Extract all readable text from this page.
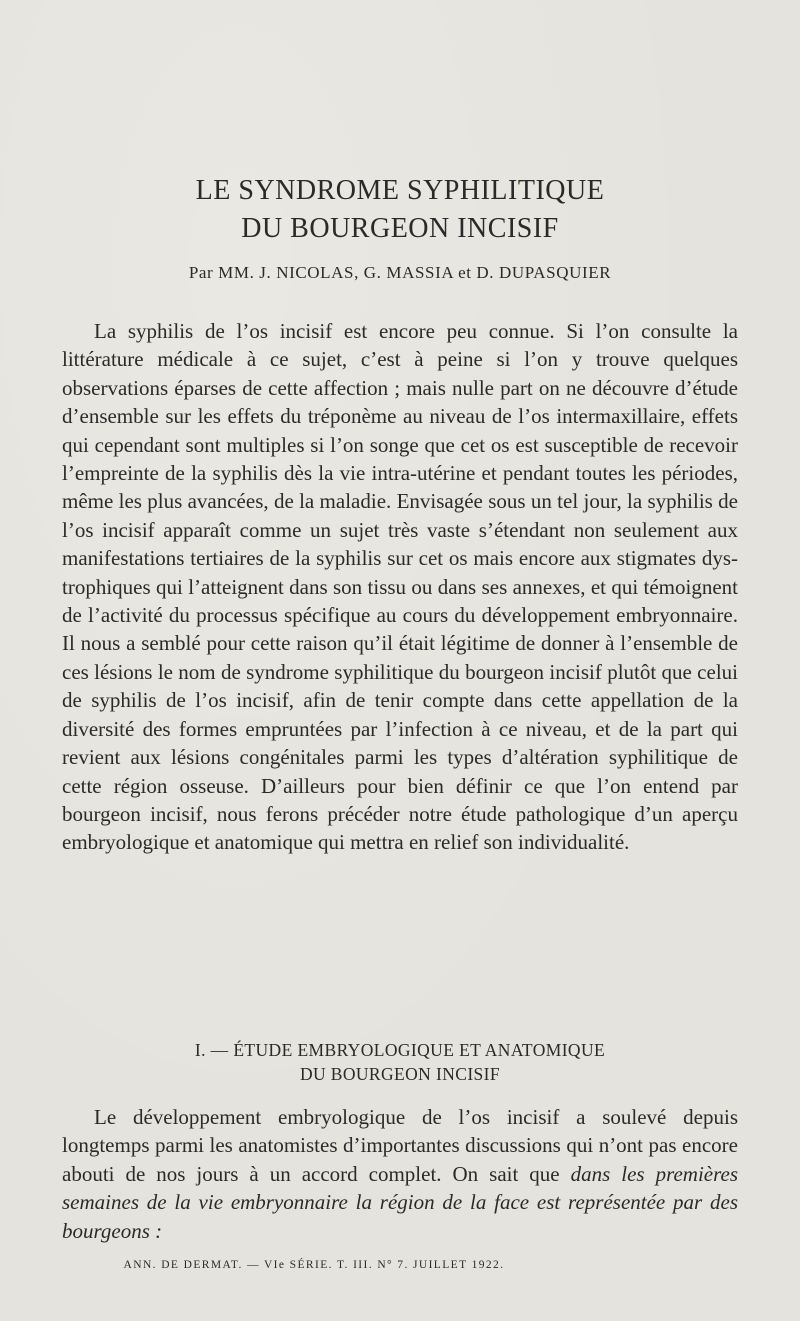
LE SYNDROME SYPHILITIQUE
DU BOURGEON INCISIF

Par MM. J. NICOLAS, G. MASSIA et D. DUPASQUIER

La syphilis de l’os incisif est encore peu connue. Si l’on consulte la littérature médicale à ce sujet, c’est à peine si l’on y trouve quelques observations éparses de cette affection ; mais nulle part on ne découvre d’étude d’ensemble sur les effets du tréponème au niveau de l’os intermaxillaire, effets qui cependant sont multiples si l’on songe que cet os est susceptible de recevoir l’empreinte de la syphilis dès la vie intra-utérine et pendant toutes les périodes, même les plus avancées, de la maladie. Envisagée sous un tel jour, la syphilis de l’os incisif apparaît comme un sujet très vaste s’étendant non seulement aux manifestations tertiaires de la syphilis sur cet os mais encore aux stigmates dystrophiques qui l’atteignent dans son tissu ou dans ses annexes, et qui témoignent de l’activité du processus spécifique au cours du développement embryonnaire. Il nous a semblé pour cette raison qu’il était légitime de donner à l’ensemble de ces lésions le nom de syndrome syphilitique du bourgeon incisif plutôt que celui de syphilis de l’os incisif, afin de tenir compte dans cette appellation de la diversité des formes empruntées par l’infection à ce niveau, et de la part qui revient aux lésions congénitales parmi les types d’altération syphilitique de cette région osseuse. D’ailleurs pour bien définir ce que l’on entend par bourgeon incisif, nous ferons précéder notre étude pathologique d’un aperçu embryologique et anatomique qui mettra en relief son individualité.

I. — ÉTUDE EMBRYOLOGIQUE ET ANATOMIQUE
DU BOURGEON INCISIF

Le développement embryologique de l’os incisif a soulevé depuis longtemps parmi les anatomistes d’importantes discussions qui n’ont pas encore abouti de nos jours à un accord complet. On sait que dans les premières semaines de la vie embryonnaire la région de la face est représentée par des bourgeons :

ANN. DE DERMAT. — VIe SÉRIE. T. III. N° 7. JUILLET 1922.
